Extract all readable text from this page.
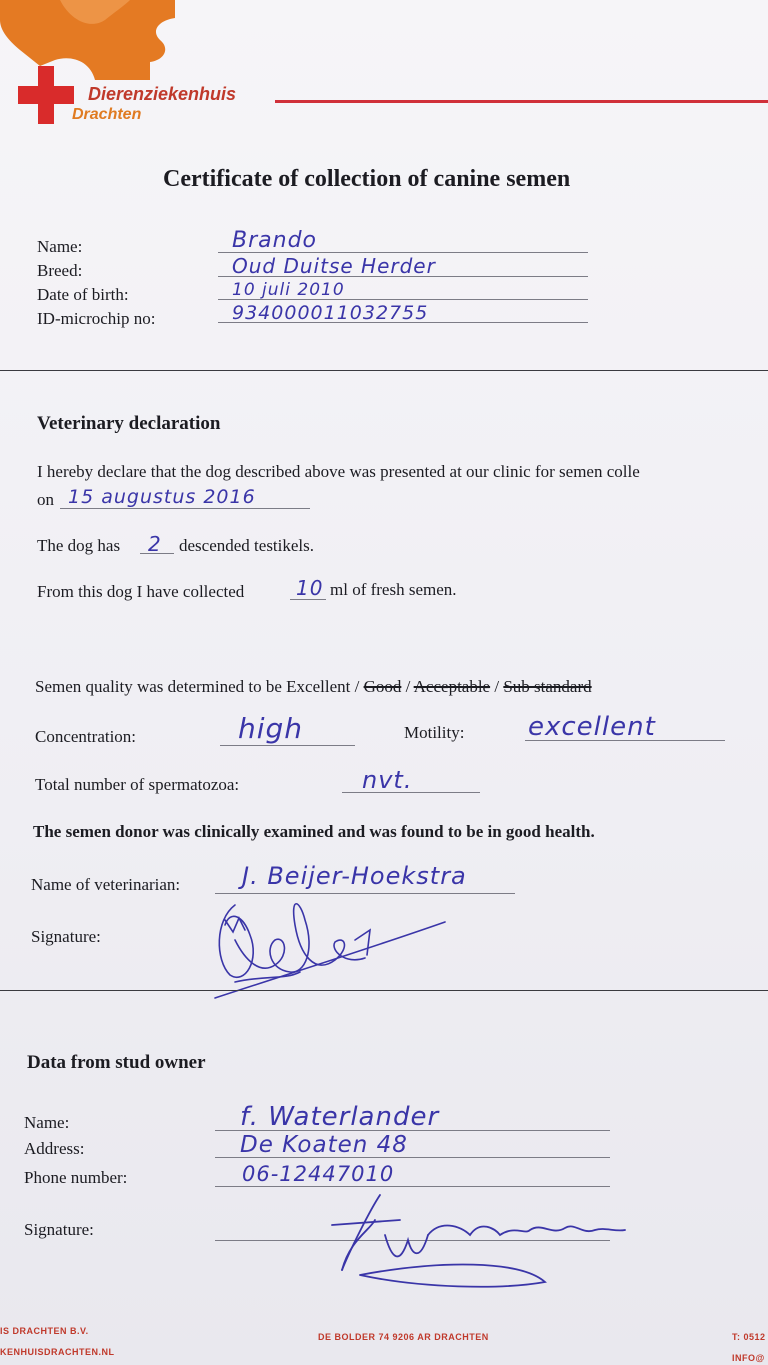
Dierenziekenhuis
Drachten
Certificate of collection of canine semen
Name:	Brando
Breed:	Oud Duitse Herder
Date of birth:	10 juli 2010
ID-microchip no:	934000011032755
Veterinary declaration
I hereby declare that the dog described above was presented at our clinic for semen colle
on 15 augustus 2016
The dog has 2 descended testikels.
From this dog I have collected	10 ml of fresh semen.
Semen quality was determined to be Excellent / Good / Acceptable / Sub standard
Concentration:	high	Motility: excellent
Total number of spermatozoa:	nvt.
The semen donor was clinically examined and was found to be in good health.
Name of veterinarian:	J. Beijer-Hoekstra
Signature:
Data from stud owner
Name:	f. Waterlander
Address:	De Koaten 48
Phone number:	06-12447010
Signature:
IS DRACHTEN B.V.
KENHUISDRACHTEN.NL
DE BOLDER 74 9206 AR DRACHTEN	T: 0512
INFO@
